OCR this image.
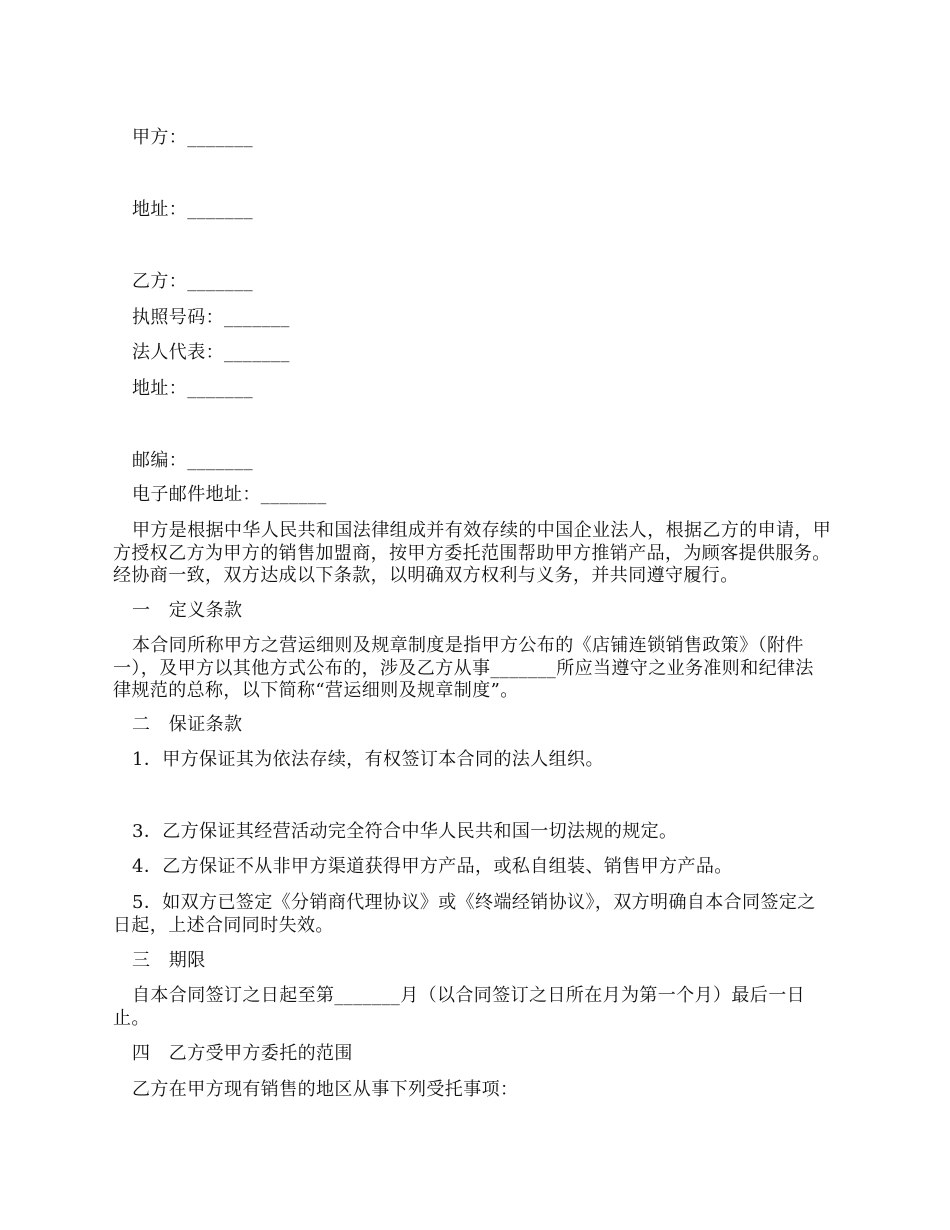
甲方：_______
地址：_______
乙方：_______
执照号码：_______
法人代表：_______
地址：_______
邮编：_______
电子邮件地址：_______
甲方是根据中华人民共和国法律组成并有效存续的中国企业法人，根据乙方的申请，甲
方授权乙方为甲方的销售加盟商，按甲方委托范围帮助甲方推销产品，为顾客提供服务。
经协商一致，双方达成以下条款，以明确双方权利与义务，并共同遵守履行。
一　定义条款
本合同所称甲方之营运细则及规章制度是指甲方公布的《店铺连锁销售政策》（附件
一），及甲方以其他方式公布的，涉及乙方从事_______所应当遵守之业务准则和纪律法
律规范的总称，以下简称“营运细则及规章制度”。
二　保证条款
1．甲方保证其为依法存续，有权签订本合同的法人组织。
3．乙方保证其经营活动完全符合中华人民共和国一切法规的规定。
4．乙方保证不从非甲方渠道获得甲方产品，或私自组装、销售甲方产品。
5．如双方已签定《分销商代理协议》或《终端经销协议》，双方明确自本合同签定之
日起，上述合同同时失效。
三　期限
自本合同签订之日起至第_______月（以合同签订之日所在月为第一个月）最后一日
止。
四　乙方受甲方委托的范围
乙方在甲方现有销售的地区从事下列受托事项：
